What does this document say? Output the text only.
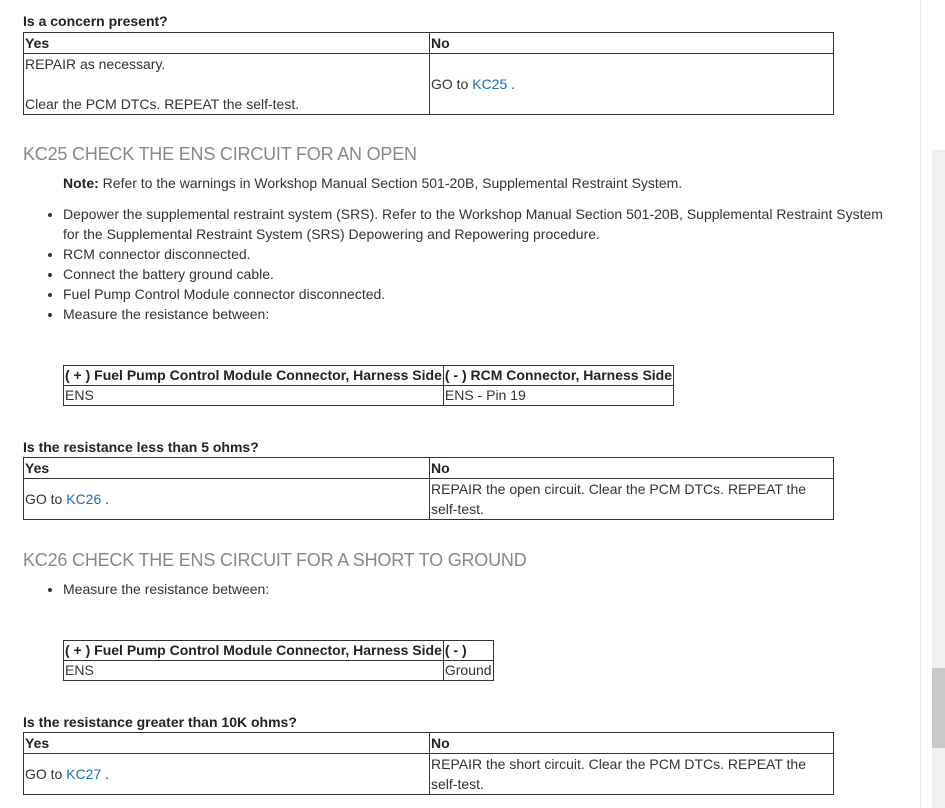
Is a concern present?
Yes	No

REPAIR as necessary.
Clear the PCM DTCs. REPEAT the self-test.	GO to KC25 .
KC25 CHECK THE ENS CIRCUIT FOR AN OPEN
Note: Refer to the warnings in Workshop Manual Section 501-20B, Supplemental Restraint System.
• Depower the supplemental restraint system (SRS). Refer to the Workshop Manual Section 501-20B, Supplemental Restraint System for the Supplemental Restraint System (SRS) Depowering and Repowering procedure.
• RCM connector disconnected.
• Connect the battery ground cable.
• Fuel Pump Control Module connector disconnected.
• Measure the resistance between:
( + ) Fuel Pump Control Module Connector, Harness Side	( - ) RCM Connector, Harness Side
ENS	ENS - Pin 19
Is the resistance less than 5 ohms?
Yes	No
GO to KC26 .	REPAIR the open circuit. Clear the PCM DTCs. REPEAT the self-test.
KC26 CHECK THE ENS CIRCUIT FOR A SHORT TO GROUND
• Measure the resistance between:
( + ) Fuel Pump Control Module Connector, Harness Side	( - )
ENS	Ground
Is the resistance greater than 10K ohms?
Yes	No
GO to KC27 .	REPAIR the short circuit. Clear the PCM DTCs. REPEAT the self-test.
